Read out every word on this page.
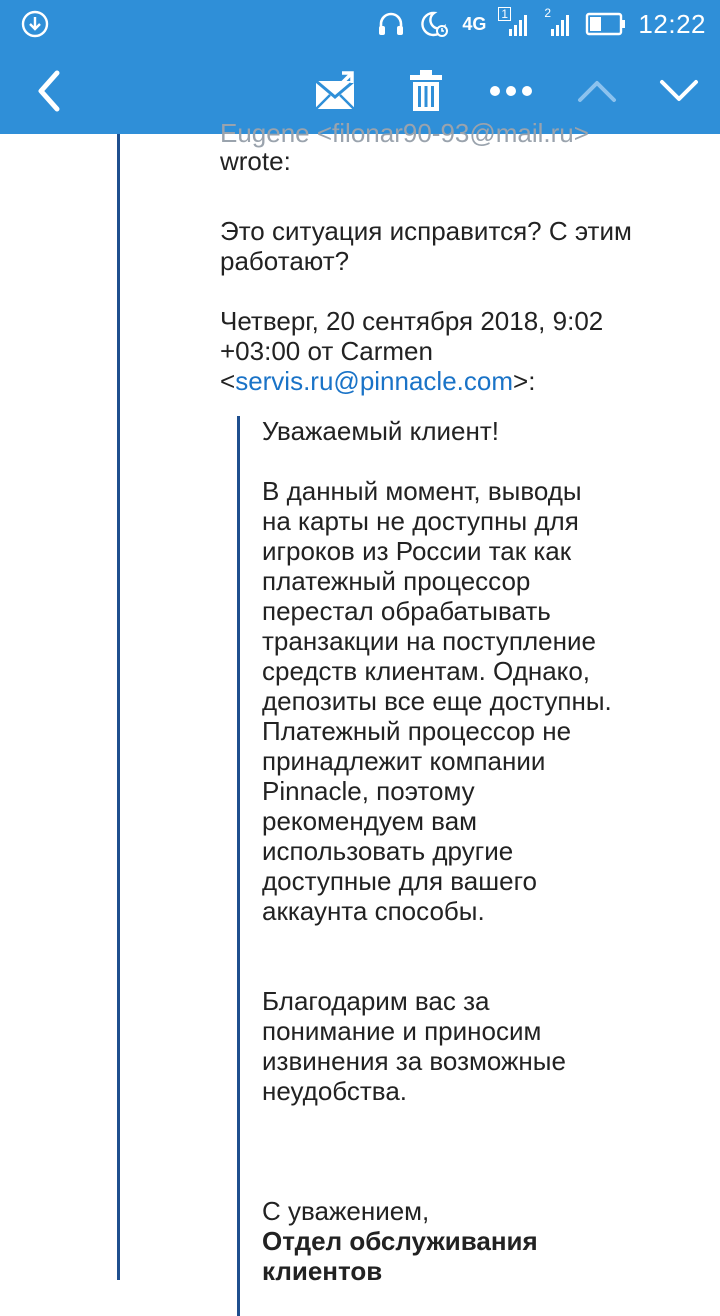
4G 1	2	12:22
Eugene <filonar90-93@mail.ru>
wrote:
Это ситуация исправится? С этим
работают?
Четверг, 20 сентября 2018, 9:02
+03:00 от Carmen
<servis.ru@pinnacle.com>:
Уважаемый клиент!
В данный момент, выводы
на карты не доступны для
игроков из России так как
платежный процессор
перестал обрабатывать
транзакции на поступление
средств клиентам. Однако,
депозиты все еще доступны.
Платежный процессор не
принадлежит компании
Pinnacle, поэтому
рекомендуем вам
использовать другие
доступные для вашего
аккаунта способы.
Благодарим вас за
понимание и приносим
извинения за возможные
неудобства.
С уважением,
Отдел обслуживания
клиентов
